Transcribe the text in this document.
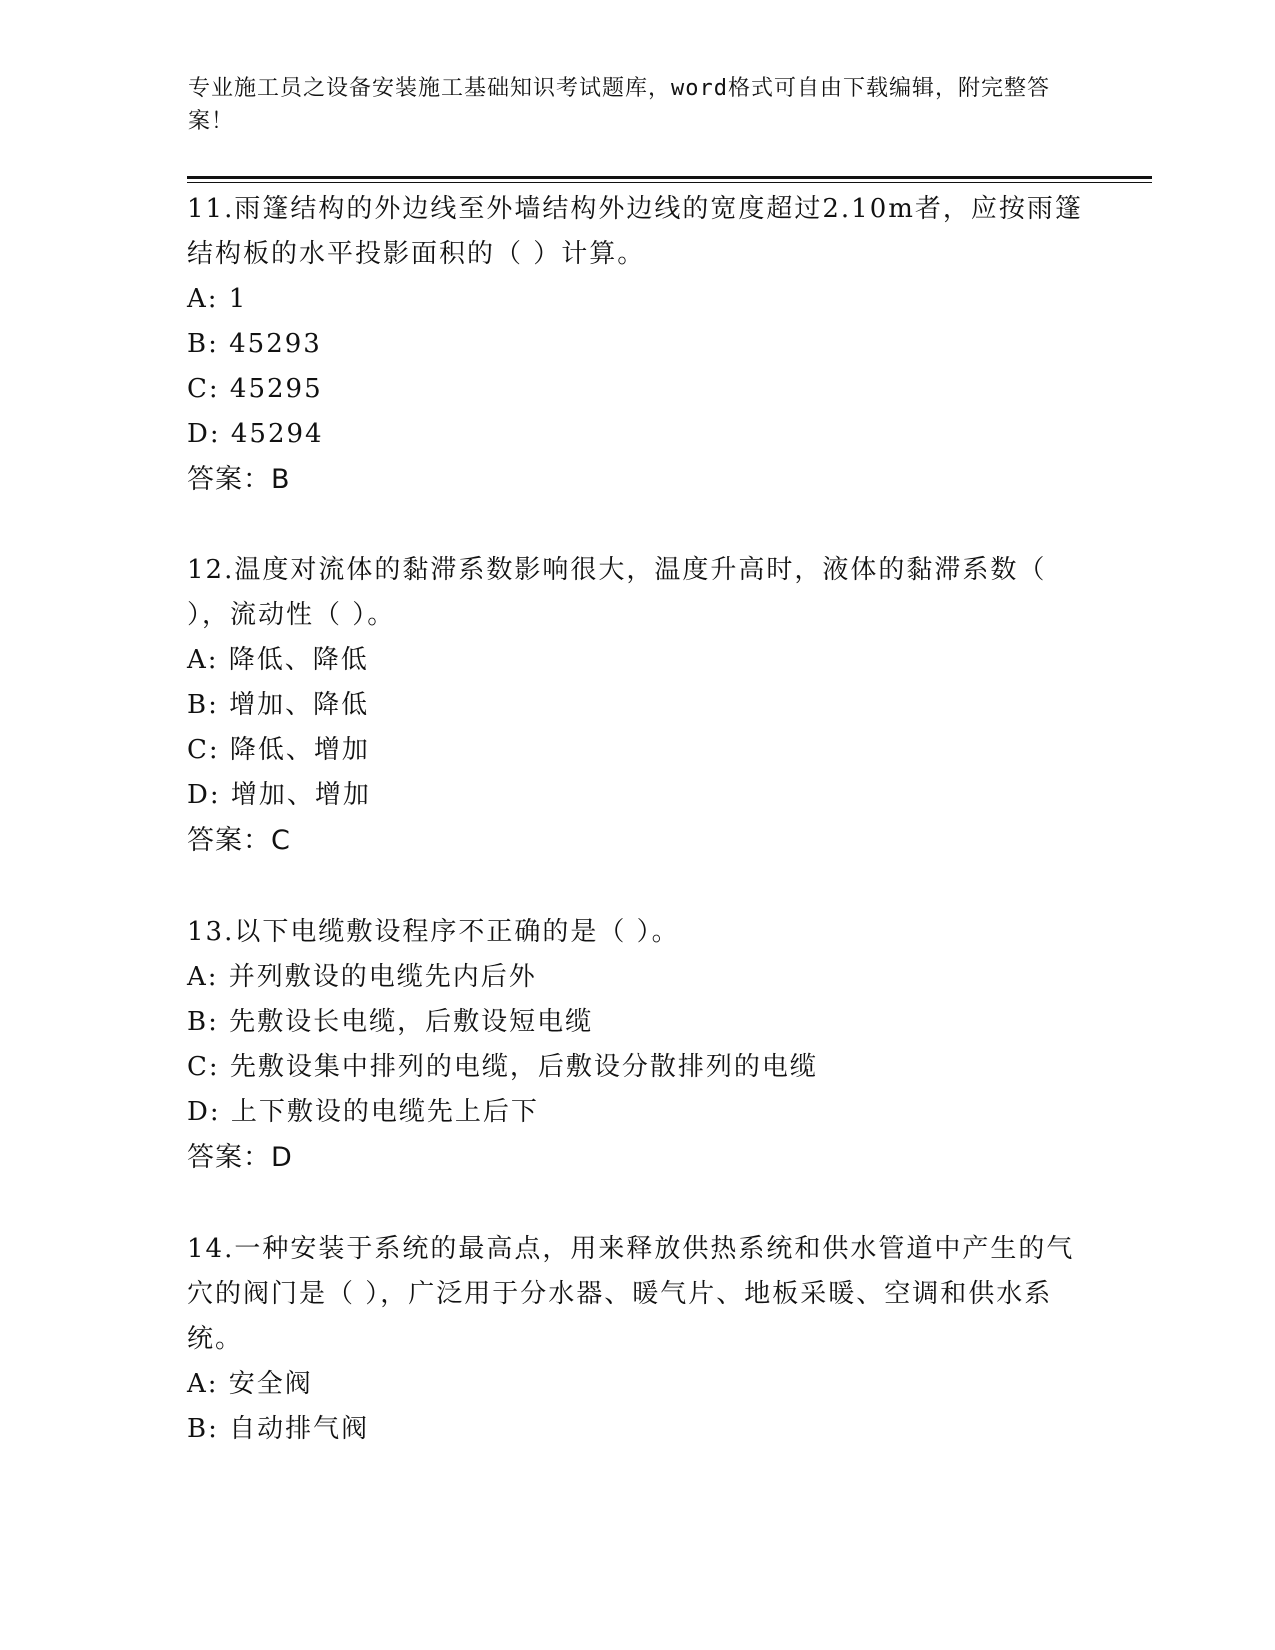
专业施工员之设备安装施工基础知识考试题库，word格式可自由下载编辑，附完整答案！

11.雨篷结构的外边线至外墙结构外边线的宽度超过2.10m者，应按雨篷结构板的水平投影面积的（ ）计算。

A: 1

B: 45293

C: 45295

D: 45294

答案：B

12.温度对流体的黏滞系数影响很大，温度升高时，液体的黏滞系数（ ），流动性（ ）。

A: 降低、降低

B: 增加、降低

C: 降低、增加

D: 增加、增加

答案：C

13.以下电缆敷设程序不正确的是（ ）。

A: 并列敷设的电缆先内后外

B: 先敷设长电缆，后敷设短电缆

C: 先敷设集中排列的电缆，后敷设分散排列的电缆

D: 上下敷设的电缆先上后下

答案：D

14.一种安装于系统的最高点，用来释放供热系统和供水管道中产生的气穴的阀门是（ ），广泛用于分水器、暖气片、地板采暖、空调和供水系统。

A: 安全阀

B: 自动排气阀
